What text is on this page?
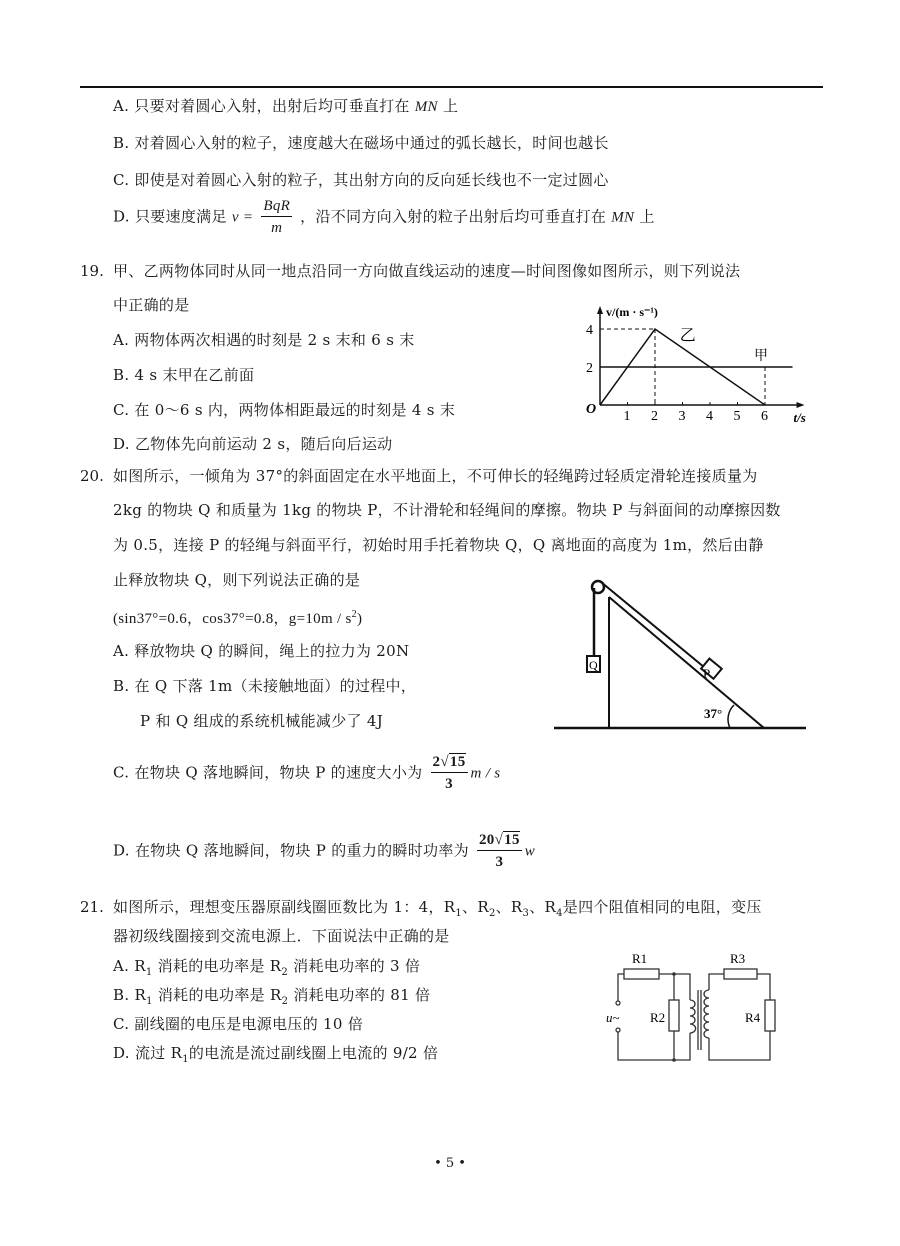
A. 只要对着圆心入射，出射后均可垂直打在 MN 上
B. 对着圆心入射的粒子，速度越大在磁场中通过的弧长越长，时间也越长
C. 即使是对着圆心入射的粒子，其出射方向的反向延长线也不一定过圆心
D. 只要速度满足 $v = \frac{\text{BqR}}{m}$ ，沿不同方向入射的粒子出射后均可垂直打在 MN 上
19. 甲、乙两物体同时从同一地点沿同一方向做直线运动的速度—时间图像如图所示，则下列说法
中正确的是
A. 两物体两次相遇的时刻是 2 s 末和 6 s 末
B. 4 s 末甲在乙前面
C. 在 0～6 s 内，两物体相距最远的时刻是 4 s 末
D. 乙物体先向前运动 2 s，随后向后运动
1 2 3 4 5 6
2
4
O
v/(m · s⁻¹)
t/s
甲
乙
20. 如图所示，一倾角为 37°的斜面固定在水平地面上，不可伸长的轻绳跨过轻质定滑轮连接质量为
2kg 的物块 Q 和质量为 1kg 的物块 P，不计滑轮和轻绳间的摩擦。物块 P 与斜面间的动摩擦因数
为 0.5，连接 P 的轻绳与斜面平行，初始时用手托着物块 Q，Q 离地面的高度为 1m，然后由静
止释放物块 Q，则下列说法正确的是
(sin37°=0.6，cos37°=0.8，$g=10m / s^2$)
A. 释放物块 Q 的瞬间，绳上的拉力为 20N
B. 在 Q 下落 1m（未接触地面）的过程中，
P 和 Q 组成的系统机械能减少了 4J
C. 在物块 Q 落地瞬间，物块 P 的速度大小为 $\frac{2√15}{3}$ m / s
D. 在物块 Q 落地瞬间，物块 P 的重力的瞬时功率为 $\frac{20√15}{3}$ w
Q
P
37°
21. 如图所示，理想变压器原副线圈匝数比为 1：4，$R_1$、$R_2$、$R_3$、$R_4$是四个阻值相同的电阻，变压
器初级线圈接到交流电源上．下面说法中正确的是
A. $R_1$ 消耗的电功率是 $R_2$ 消耗电功率的 3 倍
B. $R_1$ 消耗的电功率是 $R_2$ 消耗电功率的 81 倍
C. 副线圈的电压是电源电压的 10 倍
D. 流过 $R_1$的电流是流过副线圈上电流的 9/2 倍
R1
R2
R3
R4
u~
• 5 •
